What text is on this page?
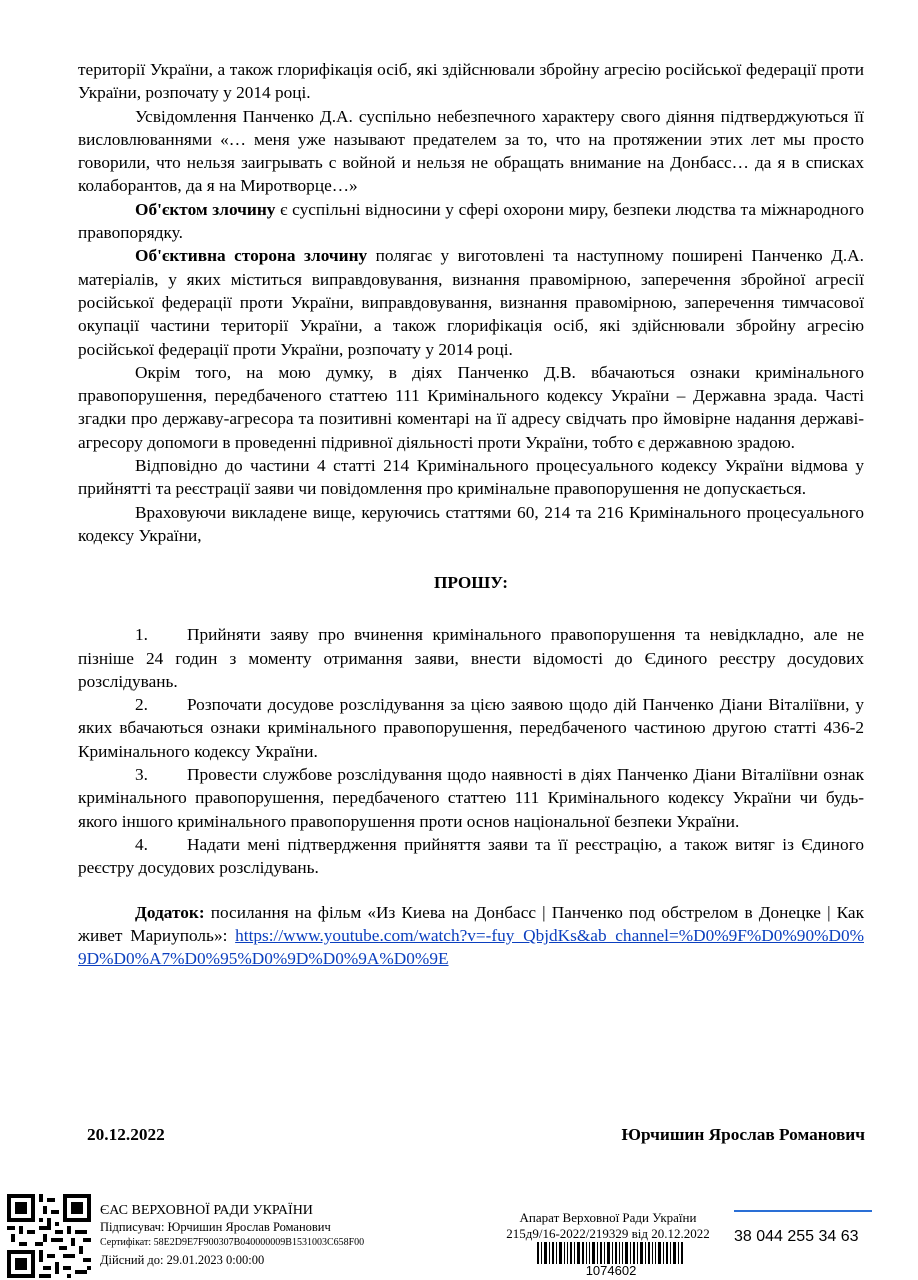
території України, а також глорифікація осіб, які здійснювали збройну агресію російської федерації проти України, розпочату у 2014 році.

Усвідомлення Панченко Д.А. суспільно небезпечного характеру свого діяння підтверджуються її висловлюваннями «… меня уже называют предателем за то, что на протяжении этих лет мы просто говорили, что нельзя заигрывать с войной и нельзя не обращать внимание на Донбасс… да я в списках колаборантов, да я на Миротворце…»

Об'єктом злочину є суспільні відносини у сфері охорони миру, безпеки людства та міжнародного правопорядку.

Об'єктивна сторона злочину полягає у виготовлені та наступному поширені Панченко Д.А. матеріалів, у яких міститься виправдовування, визнання правомірною, заперечення збройної агресії російської федерації проти України, виправдовування, визнання правомірною, заперечення тимчасової окупації частини території України, а також глорифікація осіб, які здійснювали збройну агресію російської федерації проти України, розпочату у 2014 році.

Окрім того, на мою думку, в діях Панченко Д.В. вбачаються ознаки кримінального правопорушення, передбаченого статтею 111 Кримінального кодексу України – Державна зрада. Часті згадки про державу-агресора та позитивні коментарі на її адресу свідчать про ймовірне надання державі-агресору допомоги в проведенні підривної діяльності проти України, тобто є державною зрадою.

Відповідно до частини 4 статті 214 Кримінального процесуального кодексу України відмова у прийнятті та реєстрації заяви чи повідомлення про кримінальне правопорушення не допускається.

Враховуючи викладене вище, керуючись статтями 60, 214 та 216 Кримінального процесуального кодексу України,

ПРОШУ:

1. Прийняти заяву про вчинення кримінального правопорушення та невідкладно, але не пізніше 24 годин з моменту отримання заяви, внести відомості до Єдиного реєстру досудових розслідувань.

2. Розпочати досудове розслідування за цією заявою щодо дій Панченко Діани Віталіївни, у яких вбачаються ознаки кримінального правопорушення, передбаченого частиною другою статті 436-2 Кримінального кодексу України.

3. Провести службове розслідування щодо наявності в діях Панченко Діани Віталіївни ознак кримінального правопорушення, передбаченого статтею 111 Кримінального кодексу України чи будь-якого іншого кримінального правопорушення проти основ національної безпеки України.

4. Надати мені підтвердження прийняття заяви та її реєстрацію, а також витяг із Єдиного реєстру досудових розслідувань.

Додаток: посилання на фільм «Из Киева на Донбасс | Панченко под обстрелом в Донецке | Как живет Мариуполь»: https://www.youtube.com/watch?v=-fuy_QbjdKs&ab_channel=%D0%9F%D0%90%D0%9D%D0%A7%D0%95%D0%9D%D0%9A%D0%9E

20.12.2022	Юрчишин Ярослав Романович
ЄАС ВЕРХОВНОЇ РАДИ УКРАЇНИ
Підписувач: Юрчишин Ярослав Романович
Сертифікат: 58E2D9E7F900307B040000009B1531003C658F00
Дійсний до: 29.01.2023 0:00:00
Апарат Верховної Ради України
215д9/16-2022/219329 від 20.12.2022
1074602
38 044 255 34 63
